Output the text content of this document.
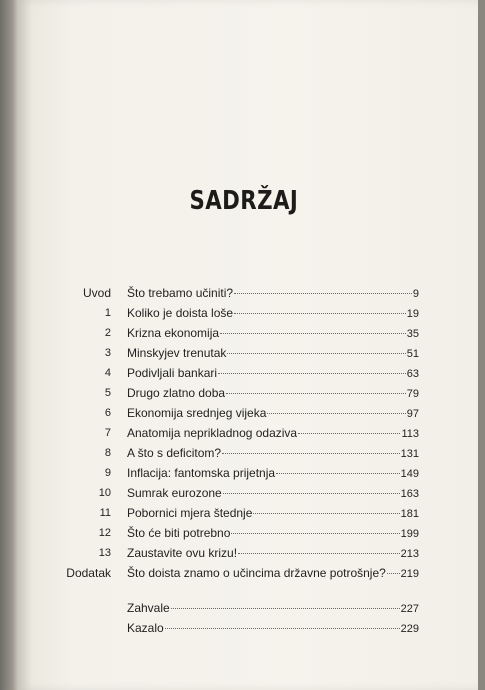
SADRŽAJ
Uvod Što trebamo učiniti?	9
1 Koliko je doista loše	19
2 Krizna ekonomija	35
3 Minskyjev trenutak	51
4 Podivljali bankari	63
5 Drugo zlatno doba	79
6 Ekonomija srednjeg vijeka	97
7 Anatomija neprikladnog odaziva	113
8 A što s deficitom?	131
9 Inflacija: fantomska prijetnja	149
10 Sumrak eurozone	163
11 Pobornici mjera štednje	181
12 Što će biti potrebno	199
13 Zaustavite ovu krizu!	213
Dodatak Što doista znamo o učincima državne potrošnje? 219
Zahvale	227
Kazalo	229
